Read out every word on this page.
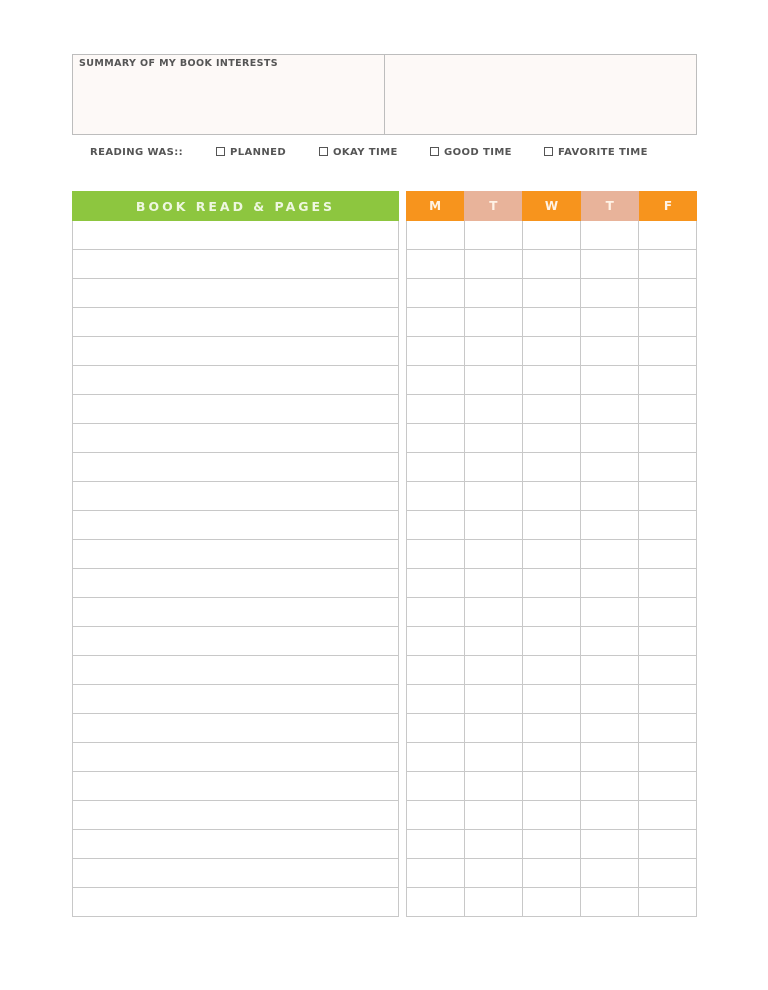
SUMMARY OF MY BOOK INTERESTS
READING WAS::	PLANNED	OKAY TIME	GOOD TIME	FAVORITE TIME
BOOK READ & PAGES	M	T	W	T	F
